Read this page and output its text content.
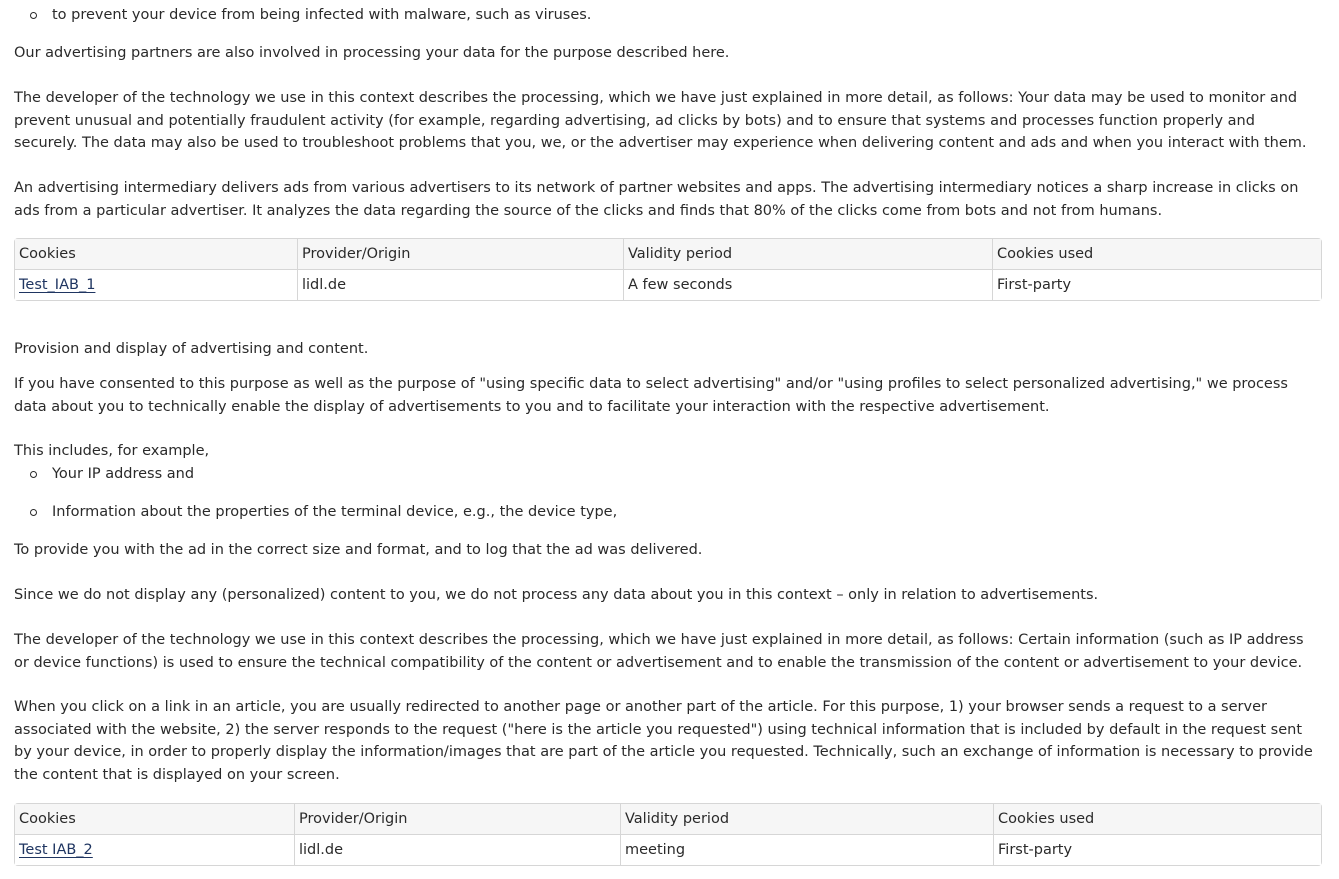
to prevent your device from being infected with malware, such as viruses.

Our advertising partners are also involved in processing your data for the purpose described here.

The developer of the technology we use in this context describes the processing, which we have just explained in more detail, as follows: Your data may be used to monitor and prevent unusual and potentially fraudulent activity (for example, regarding advertising, ad clicks by bots) and to ensure that systems and processes function properly and securely. The data may also be used to troubleshoot problems that you, we, or the advertiser may experience when delivering content and ads and when you interact with them.

An advertising intermediary delivers ads from various advertisers to its network of partner websites and apps. The advertising intermediary notices a sharp increase in clicks on ads from a particular advertiser. It analyzes the data regarding the source of the clicks and finds that 80% of the clicks come from bots and not from humans.

Cookies	Provider/Origin	Validity period	Cookies used
Test_IAB_1	lidl.de	A few seconds	First-party

Provision and display of advertising and content.

If you have consented to this purpose as well as the purpose of "using specific data to select advertising" and/or "using profiles to select personalized advertising," we process data about you to technically enable the display of advertisements to you and to facilitate your interaction with the respective advertisement.

This includes, for example,

Your IP address and
Information about the properties of the terminal device, e.g., the device type,

To provide you with the ad in the correct size and format, and to log that the ad was delivered.

Since we do not display any (personalized) content to you, we do not process any data about you in this context – only in relation to advertisements.

The developer of the technology we use in this context describes the processing, which we have just explained in more detail, as follows: Certain information (such as IP address or device functions) is used to ensure the technical compatibility of the content or advertisement and to enable the transmission of the content or advertisement to your device.

When you click on a link in an article, you are usually redirected to another page or another part of the article. For this purpose, 1) your browser sends a request to a server associated with the website, 2) the server responds to the request ("here is the article you requested") using technical information that is included by default in the request sent by your device, in order to properly display the information/images that are part of the article you requested. Technically, such an exchange of information is necessary to provide the content that is displayed on your screen.

Cookies	Provider/Origin	Validity period	Cookies used
Test IAB_2	lidl.de	meeting	First-party
